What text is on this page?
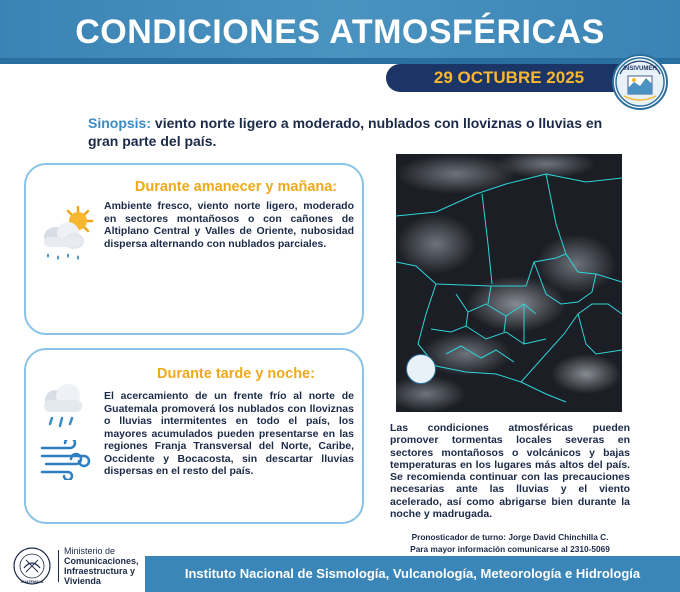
CONDICIONES ATMOSFÉRICAS
29 OCTUBRE 2025	INSIVUMEH
Sinopsis: viento norte ligero a moderado, nublados con lloviznas o lluvias en gran parte del país.
Durante amanecer y mañana:
Ambiente fresco, viento norte ligero, moderado en sectores montañosos o con cañones de Altiplano Central y Valles de Oriente, nubosidad dispersa alternando con nublados parciales.
Durante tarde y noche:
El acercamiento de un frente frío al norte de Guatemala promoverá los nublados con lloviznas o lluvias intermitentes en todo el país, los mayores acumulados pueden presentarse en las regiones Franja Transversal del Norte, Caribe, Occidente y Bocacosta, sin descartar lluvias dispersas en el resto del país.
Las condiciones atmosféricas pueden promover tormentas locales severas en sectores montañosos o volcánicos y bajas temperaturas en los lugares más altos del país. Se recomienda continuar con las precauciones necesarias ante las lluvias y el viento acelerado, así como abrigarse bien durante la noche y madrugada.
Pronosticador de turno: Jorge David Chinchilla C.
Para mayor información comunicarse al 2310-5069
GUATEMALA
Ministerio de
Comunicaciones, Infraestructura y Vivienda	Instituto Nacional de Sismología, Vulcanología, Meteorología e Hidrología
